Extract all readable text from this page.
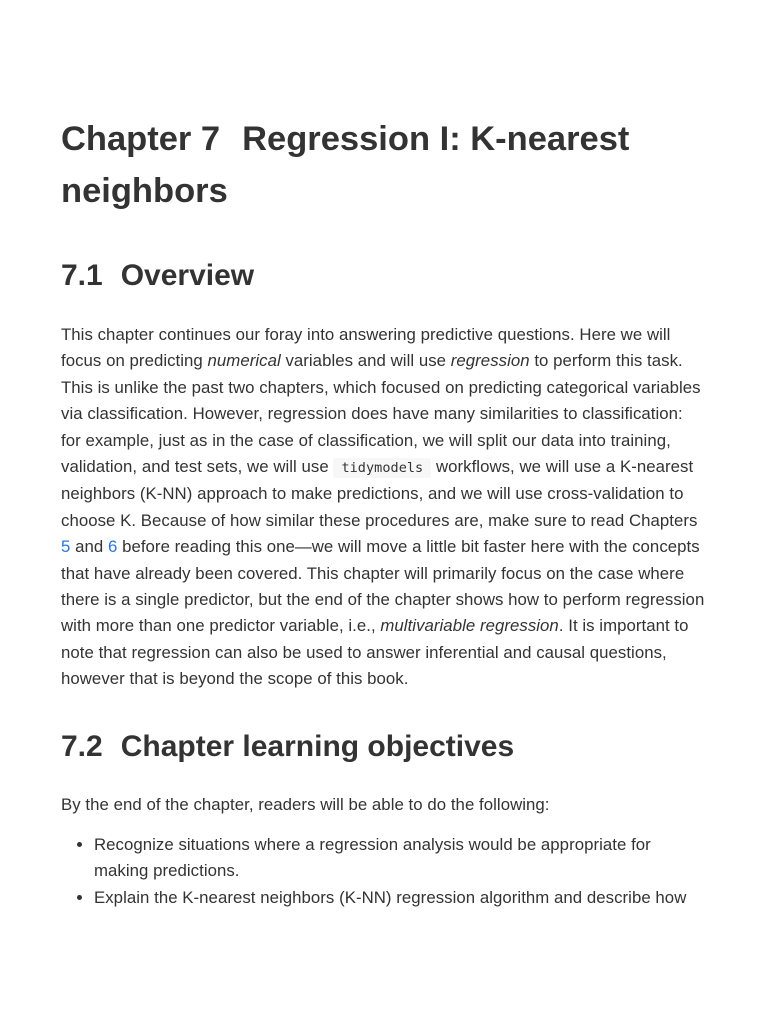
Chapter 7 Regression I: K-nearest neighbors
7.1 Overview

This chapter continues our foray into answering predictive questions. Here we will focus on predicting numerical variables and will use regression to perform this task. This is unlike the past two chapters, which focused on predicting categorical variables via classification. However, regression does have many similarities to classification: for example, just as in the case of classification, we will split our data into training, validation, and test sets, we will use tidymodels workflows, we will use a K-nearest neighbors (K-NN) approach to make predictions, and we will use cross-validation to choose K. Because of how similar these procedures are, make sure to read Chapters 5 and 6 before reading this one—we will move a little bit faster here with the concepts that have already been covered. This chapter will primarily focus on the case where there is a single predictor, but the end of the chapter shows how to perform regression with more than one predictor variable, i.e., multivariable regression. It is important to note that regression can also be used to answer inferential and causal questions, however that is beyond the scope of this book.

7.2 Chapter learning objectives

By the end of the chapter, readers will be able to do the following:

• Recognize situations where a regression analysis would be appropriate for making predictions.
• Explain the K-nearest neighbors (K-NN) regression algorithm and describe how
